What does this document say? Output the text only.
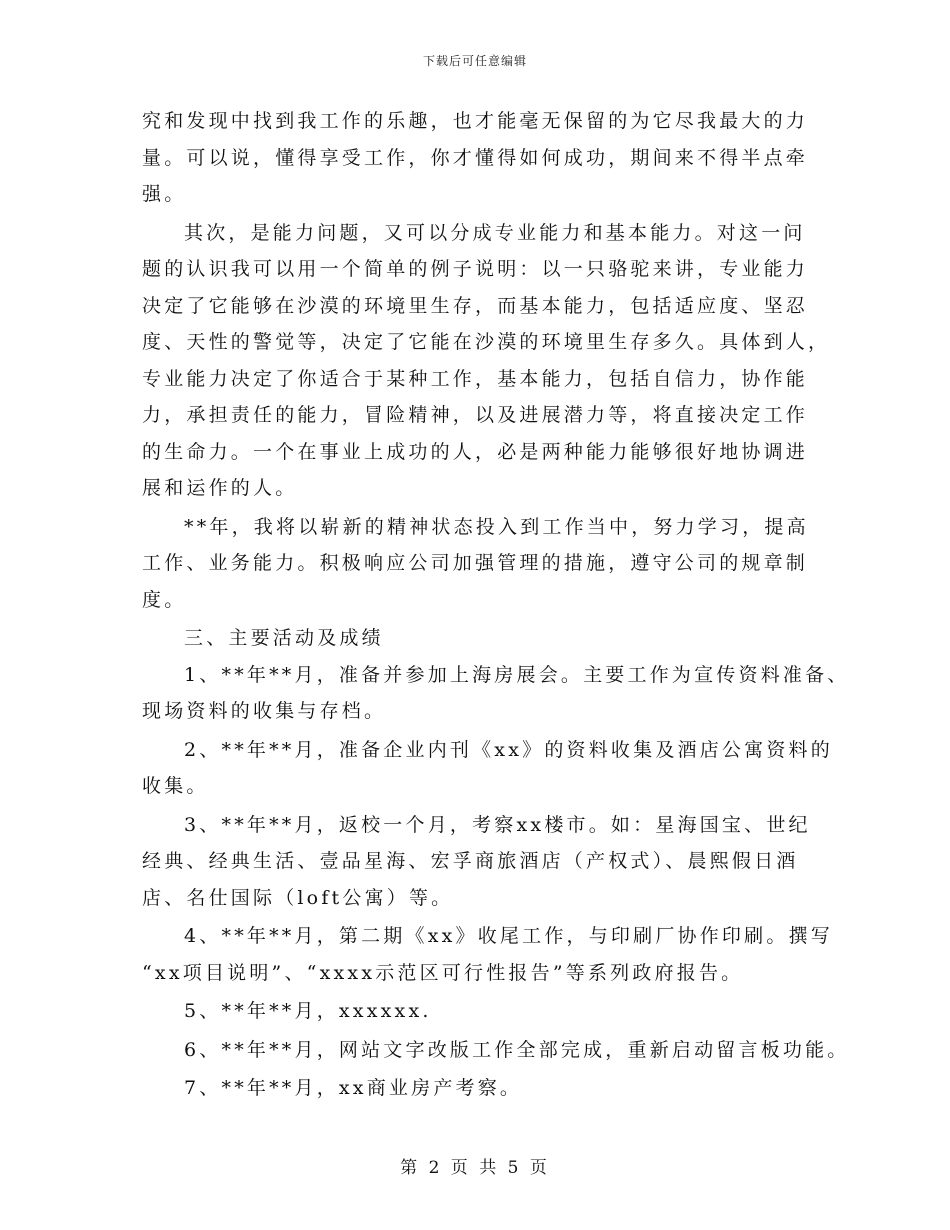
下载后可任意编辑
究和发现中找到我工作的乐趣，也才能毫无保留的为它尽我最大的力
量。可以说，懂得享受工作，你才懂得如何成功，期间来不得半点牵
强。
其次，是能力问题，又可以分成专业能力和基本能力。对这一问
题的认识我可以用一个简单的例子说明：以一只骆驼来讲，专业能力
决定了它能够在沙漠的环境里生存，而基本能力，包括适应度、坚忍
度、天性的警觉等，决定了它能在沙漠的环境里生存多久。具体到人，
专业能力决定了你适合于某种工作，基本能力，包括自信力，协作能
力，承担责任的能力，冒险精神，以及进展潜力等，将直接决定工作
的生命力。一个在事业上成功的人，必是两种能力能够很好地协调进
展和运作的人。
**年，我将以崭新的精神状态投入到工作当中，努力学习，提高
工作、业务能力。积极响应公司加强管理的措施，遵守公司的规章制
度。
三、主要活动及成绩
1、**年**月，准备并参加上海房展会。主要工作为宣传资料准备、
现场资料的收集与存档。
2、**年**月，准备企业内刊《xx》的资料收集及酒店公寓资料的
收集。
3、**年**月，返校一个月，考察xx楼市。如：星海国宝、世纪
经典、经典生活、壹品星海、宏孚商旅酒店（产权式）、晨熙假日酒
店、名仕国际（loft公寓）等。
4、**年**月，第二期《xx》收尾工作，与印刷厂协作印刷。撰写
“xx项目说明”、“xxxx示范区可行性报告”等系列政府报告。
5、**年**月，xxxxxx.
6、**年**月，网站文字改版工作全部完成，重新启动留言板功能。
7、**年**月，xx商业房产考察。
第 2 页 共 5 页
